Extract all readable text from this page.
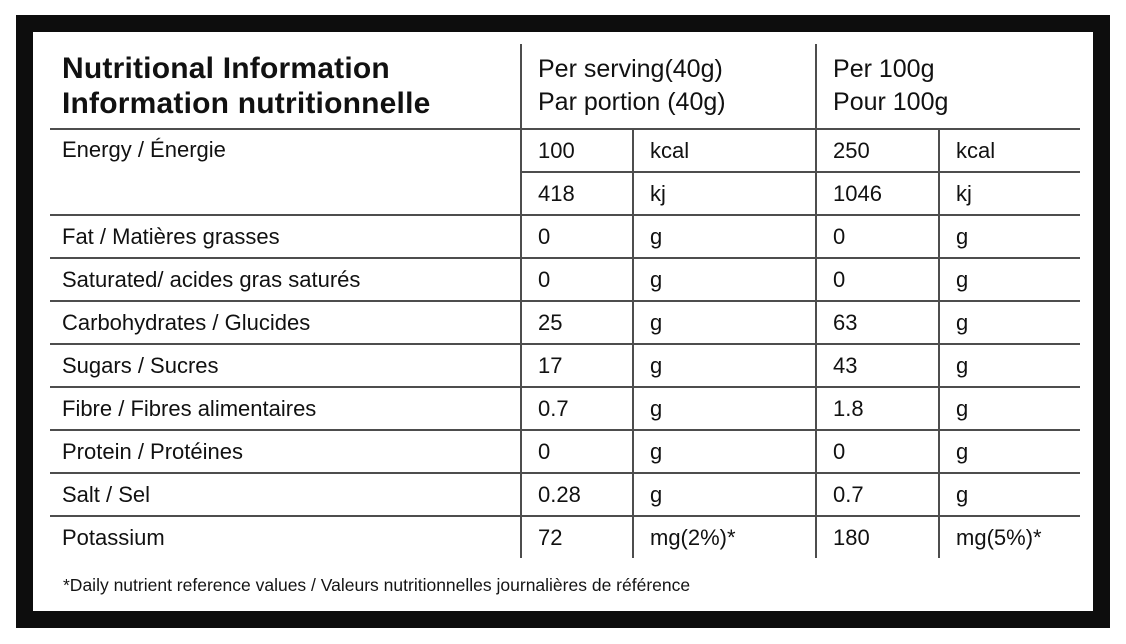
Nutritional Information
Information nutritionnelle

Per serving(40g)
Par portion (40g)

Per 100g
Pour 100g

Energy / Énergie	100	kcal	250	kcal
	418	kj	1046	kj
Fat / Matières grasses	0	g	0	g
Saturated/ acides gras saturés	0	g	0	g
Carbohydrates / Glucides	25	g	63	g
Sugars / Sucres	17	g	43	g
Fibre / Fibres alimentaires	0.7	g	1.8	g
Protein / Protéines	0	g	0	g
Salt / Sel	0.28	g	0.7	g
Potassium	72	mg(2%)*	180	mg(5%)*
*Daily nutrient reference values / Valeurs nutritionnelles journalières de référence
